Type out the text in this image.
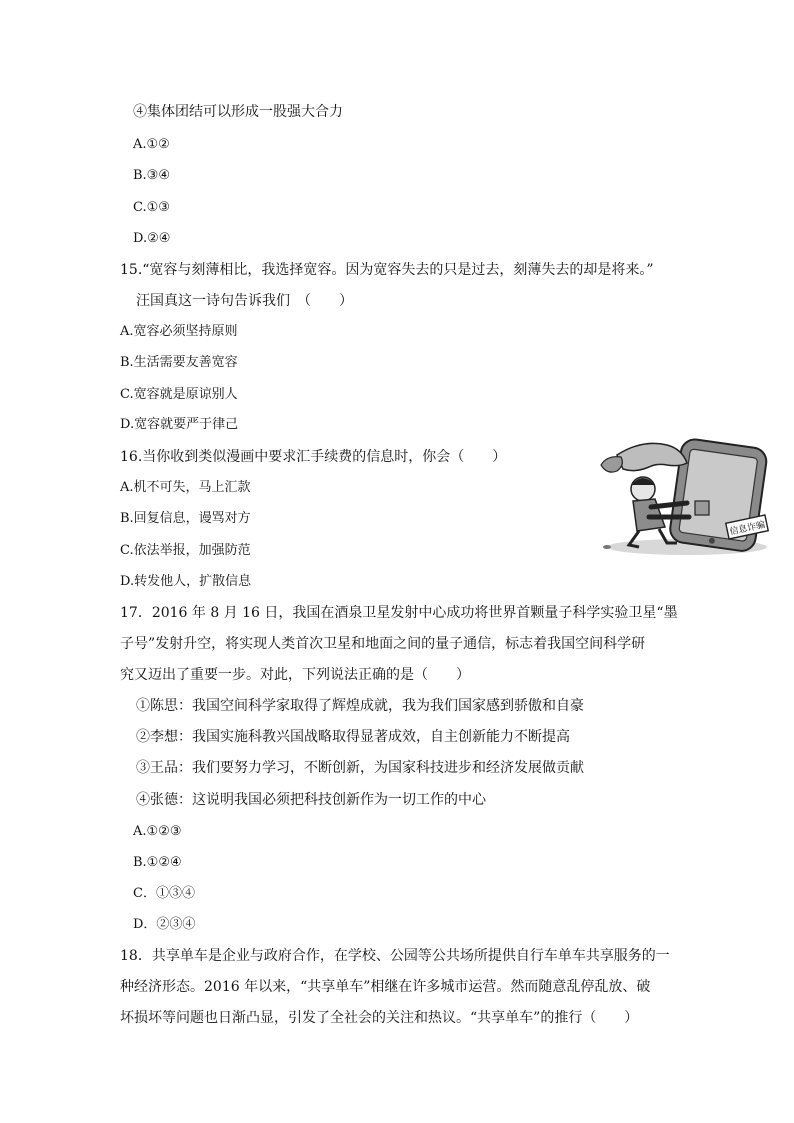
④集体团结可以形成一股强大合力
A.①②
B.③④
C.①③
D.②④
15.“宽容与刻薄相比，我选择宽容。因为宽容失去的只是过去，刻薄失去的却是将来。”
汪国真这一诗句告诉我们　（　　）
A.宽容必须坚持原则
B.生活需要友善宽容
C.宽容就是原谅别人
D.宽容就要严于律己
16.当你收到类似漫画中要求汇手续费的信息时，你会（　　）
A.机不可失，马上汇款
B.回复信息，谩骂对方
C.依法举报，加强防范
D.转发他人，扩散信息
信息诈骗
17．2016 年 8 月 16 日，我国在酒泉卫星发射中心成功将世界首颗量子科学实验卫星“墨
子号”发射升空，将实现人类首次卫星和地面之间的量子通信，标志着我国空间科学研
究又迈出了重要一步。对此，下列说法正确的是（　　）
①陈思：我国空间科学家取得了辉煌成就，我为我们国家感到骄傲和自豪
②李想：我国实施科教兴国战略取得显著成效，自主创新能力不断提高
③王品：我们要努力学习，不断创新，为国家科技进步和经济发展做贡献
④张德：这说明我国必须把科技创新作为一切工作的中心
A.①②③
B.①②④
C．①③④
D．②③④
18．共享单车是企业与政府合作，在学校、公园等公共场所提供自行车单车共享服务的一
种经济形态。2016 年以来，“共享单车”相继在许多城市运营。然而随意乱停乱放、破
坏损坏等问题也日渐凸显，引发了全社会的关注和热议。“共享单车”的推行（　　）
